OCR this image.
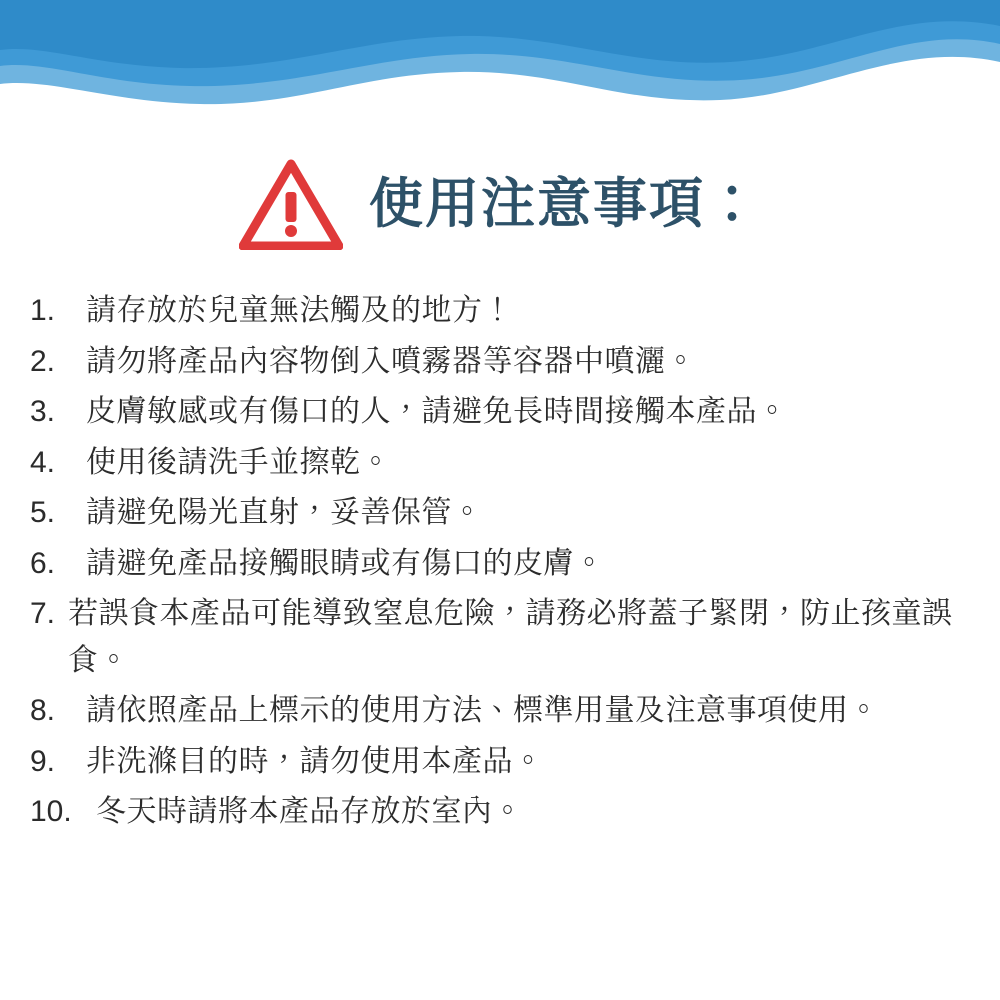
使用注意事項：
1.	請存放於兒童無法觸及的地方！
2.	請勿將產品內容物倒入噴霧器等容器中噴灑。
3.	皮膚敏感或有傷口的人，請避免長時間接觸本產品。
4.	使用後請洗手並擦乾。
5.	請避免陽光直射，妥善保管。
6.	請避免產品接觸眼睛或有傷口的皮膚。
7. 若誤食本產品可能導致窒息危險，請務必將蓋子緊閉，防止孩童誤食。
8.	請依照產品上標示的使用方法、標準用量及注意事項使用。
9.	非洗滌目的時，請勿使用本產品。
10. 冬天時請將本產品存放於室內。
